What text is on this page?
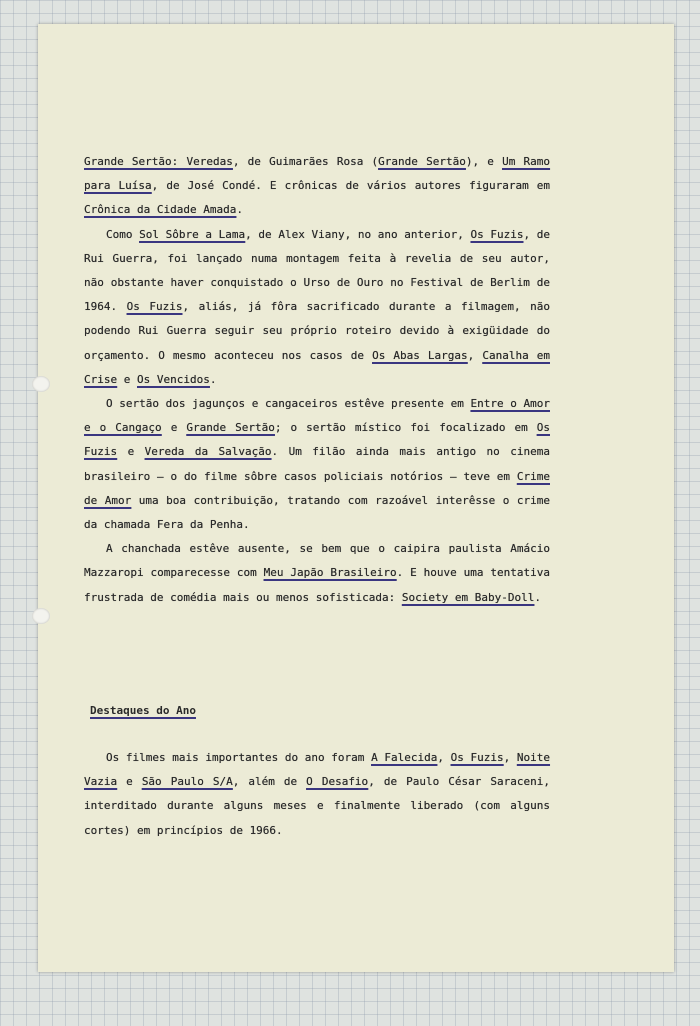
Grande Sertão: Veredas, de Guimarães Rosa (Grande Sertão), e Um Ramo para Luísa, de José Condé. E crônicas de vários autores figuraram em Crônica da Cidade Amada.

Como Sol Sôbre a Lama, de Alex Viany, no ano anterior, Os Fuzis, de Rui Guerra, foi lançado numa montagem feita à revelia de seu autor, não obstante haver conquistado o Urso de Ouro no Festival de Berlim de 1964. Os Fuzis, aliás, já fôra sacrificado durante a filmagem, não podendo Rui Guerra seguir seu próprio roteiro devido à exigüidade do orçamento. O mesmo aconteceu nos casos de Os Abas Largas, Canalha em Crise e Os Vencidos.

O sertão dos jagunços e cangaceiros estêve presente em Entre o Amor e o Cangaço e Grande Sertão; o sertão místico foi focalizado em Os Fuzis e Vereda da Salvação. Um filão ainda mais antigo no cinema brasileiro — o do filme sôbre casos policiais notórios — teve em Crime de Amor uma boa contribuição, tratando com razoável interêsse o crime da chamada Fera da Penha.

A chanchada estêve ausente, se bem que o caipira paulista Amácio Mazzaropi comparecesse com Meu Japão Brasileiro. E houve uma tentativa frustrada de comédia mais ou menos sofisticada: Society em Baby-Doll.

Destaques do Ano

Os filmes mais importantes do ano foram A Falecida, Os Fuzis, Noite Vazia e São Paulo S/A, além de O Desafio, de Paulo César Saraceni, interditado durante alguns meses e finalmente liberado (com alguns cortes) em princípios de 1966.
